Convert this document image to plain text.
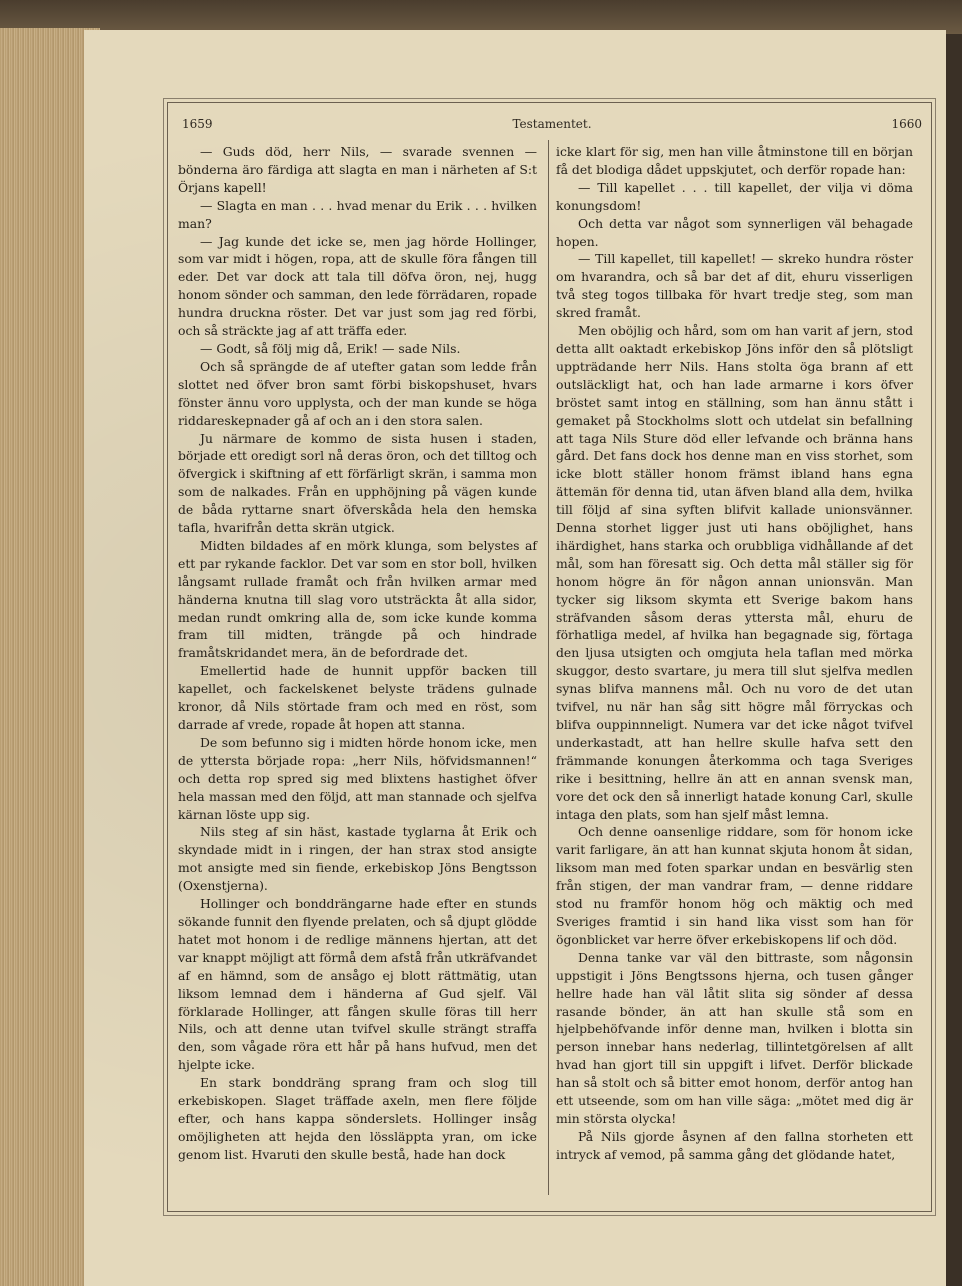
1659	Testamentet.	1660

— Guds död, herr Nils, — svarade svennen — bönderna äro färdiga att slagta en man i närheten af S:t Örjans kapell!

— Slagta en man . . . hvad menar du Erik . . . hvilken man?

— Jag kunde det icke se, men jag hörde Hollinger, som var midt i högen, ropa, att de skulle föra fången till eder. Det var dock att tala till döfva öron, nej, hugg honom sönder och samman, den lede förrädaren, ropade hundra druckna röster. Det var just som jag red förbi, och så sträckte jag af att träffa eder.

— Godt, så följ mig då, Erik! — sade Nils.

Och så sprängde de af utefter gatan som ledde från slottet ned öfver bron samt förbi biskopshuset, hvars fönster ännu voro upplysta, och der man kunde se höga riddareskepnader gå af och an i den stora salen.

Ju närmare de kommo de sista husen i staden, började ett oredigt sorl nå deras öron, och det tilltog och öfvergick i skiftning af ett förfärligt skrän, i samma mon som de nalkades. Från en upphöjning på vägen kunde de båda ryttarne snart öfverskåda hela den hemska tafla, hvarifrån detta skrän utgick.

Midten bildades af en mörk klunga, som belystes af ett par rykande facklor. Det var som en stor boll, hvilken långsamt rullade framåt och från hvilken armar med händerna knutna till slag voro utsträckta åt alla sidor, medan rundt omkring alla de, som icke kunde komma fram till midten, trängde på och hindrade framåtskridandet mera, än de befordrade det.

Emellertid hade de hunnit uppför backen till kapellet, och fackelskenet belyste trädens gulnade kronor, då Nils störtade fram och med en röst, som darrade af vrede, ropade åt hopen att stanna.

De som befunno sig i midten hörde honom icke, men de yttersta började ropa: „herr Nils, höfvidsmannen!“ och detta rop spred sig med blixtens hastighet öfver hela massan med den följd, att man stannade och sjelfva kärnan löste upp sig.

Nils steg af sin häst, kastade tyglarna åt Erik och skyndade midt in i ringen, der han strax stod ansigte mot ansigte med sin fiende, erkebiskop Jöns Bengtsson (Oxenstjerna).

Hollinger och bonddrängarne hade efter en stunds sökande funnit den flyende prelaten, och så djupt glödde hatet mot honom i de redlige männens hjertan, att det var knappt möjligt att förmå dem afstå från utkräfvandet af en hämnd, som de ansågo ej blott rättmätig, utan liksom lemnad dem i händerna af Gud sjelf. Väl förklarade Hollinger, att fången skulle föras till herr Nils, och att denne utan tvifvel skulle strängt straffa den, som vågade röra ett hår på hans hufvud, men det hjelpte icke.

En stark bonddräng sprang fram och slog till erkebiskopen. Slaget träffade axeln, men flere följde efter, och hans kappa sönderslets. Hollinger insåg omöjligheten att hejda den lössläppta yran, om icke genom list. Hvaruti den skulle bestå, hade han dock

icke klart för sig, men han ville åtminstone till en början få det blodiga dådet uppskjutet, och derför ropade han:

— Till kapellet . . . till kapellet, der vilja vi döma konungsdom!

Och detta var något som synnerligen väl behagade hopen.

— Till kapellet, till kapellet! — skreko hundra röster om hvarandra, och så bar det af dit, ehuru visserligen två steg togos tillbaka för hvart tredje steg, som man skred framåt.

Men oböjlig och hård, som om han varit af jern, stod detta allt oaktadt erkebiskop Jöns inför den så plötsligt uppträdande herr Nils. Hans stolta öga brann af ett outsläckligt hat, och han lade armarne i kors öfver bröstet samt intog en ställning, som han ännu stått i gemaket på Stockholms slott och utdelat sin befallning att taga Nils Sture död eller lefvande och bränna hans gård. Det fans dock hos denne man en viss storhet, som icke blott ställer honom främst ibland hans egna ättemän för denna tid, utan äfven bland alla dem, hvilka till följd af sina syften blifvit kallade unionsvänner. Denna storhet ligger just uti hans oböjlighet, hans ihärdighet, hans starka och orubbliga vidhållande af det mål, som han föresatt sig. Och detta mål ställer sig för honom högre än för någon annan unionsvän. Man tycker sig liksom skymta ett Sverige bakom hans sträfvanden såsom deras yttersta mål, ehuru de förhatliga medel, af hvilka han begagnade sig, förtaga den ljusa utsigten och omgjuta hela taflan med mörka skuggor, desto svartare, ju mera till slut sjelfva medlen synas blifva mannens mål. Och nu voro de det utan tvifvel, nu när han såg sitt högre mål förryckas och blifva ouppinnneligt. Numera var det icke något tvifvel underkastadt, att han hellre skulle hafva sett den främmande konungen återkomma och taga Sveriges rike i besittning, hellre än att en annan svensk man, vore det ock den så innerligt hatade konung Carl, skulle intaga den plats, som han sjelf måst lemna.

Och denne oansenlige riddare, som för honom icke varit farligare, än att han kunnat skjuta honom åt sidan, liksom man med foten sparkar undan en besvärlig sten från stigen, der man vandrar fram, — denne riddare stod nu framför honom hög och mäktig och med Sveriges framtid i sin hand lika visst som han för ögonblicket var herre öfver erkebiskopens lif och död.

Denna tanke var väl den bittraste, som någonsin uppstigit i Jöns Bengtssons hjerna, och tusen gånger hellre hade han väl låtit slita sig sönder af dessa rasande bönder, än att han skulle stå som en hjelpbehöfvande inför denne man, hvilken i blotta sin person innebar hans nederlag, tillintetgörelsen af allt hvad han gjort till sin uppgift i lifvet. Derför blickade han så stolt och så bitter emot honom, derför antog han ett utseende, som om han ville säga: „mötet med dig är min största olycka!

På Nils gjorde åsynen af den fallna storheten ett intryck af vemod, på samma gång det glödande hatet,
